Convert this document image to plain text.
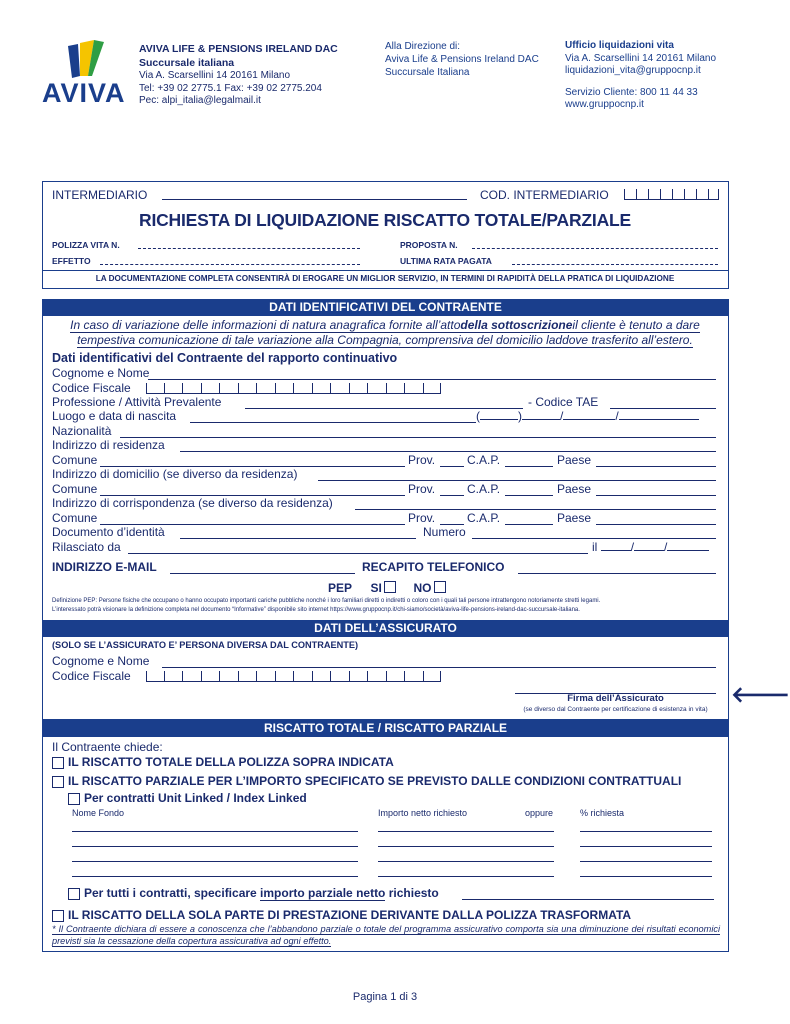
AVIVA
AVIVA LIFE & PENSIONS IRELAND DAC
Succursale italiana
Via A. Scarsellini 14 20161 Milano
Tel: +39 02 2775.1 Fax: +39 02 2775.204
Pec: alpi_italia@legalmail.it
Alla Direzione di:
Aviva Life & Pensions Ireland DAC
Succursale Italiana
Ufficio liquidazioni vita
Via A. Scarsellini 14 20161 Milano
liquidazioni_vita@gruppocnp.it
Servizio Cliente: 800 11 44 33
www.gruppocnp.it
INTERMEDIARIO	COD. INTERMEDIARIO
RICHIESTA DI LIQUIDAZIONE RISCATTO TOTALE/PARZIALE
POLIZZA VITA N.	PROPOSTA N.
EFFETTO	ULTIMA RATA PAGATA
LA DOCUMENTAZIONE COMPLETA CONSENTIRÀ DI EROGARE UN MIGLIOR SERVIZIO, IN TERMINI DI RAPIDITÀ DELLA PRATICA DI LIQUIDAZIONE
DATI IDENTIFICATIVI DEL CONTRAENTE
In caso di variazione delle informazioni di natura anagrafica fornite all’attodella sottoscrizioneil cliente è tenuto a dare
tempestiva comunicazione di tale variazione alla Compagnia, comprensiva del domicilio laddove trasferito all’estero.
Dati identificativi del Contraente del rapporto continuativo
Cognome e Nome
Codice Fiscale
Professione / Attività Prevalente	- Codice TAE
Luogo e data di nascita	(	)	/	/
Nazionalità
Indirizzo di residenza
Comune	Prov.	C.A.P.	Paese
Indirizzo di domicilio (se diverso da residenza)
Comune	Prov.	C.A.P.	Paese
Indirizzo di corrispondenza (se diverso da residenza)
Comune	Prov.	C.A.P.	Paese
Documento d’identità	Numero
Rilasciato da	il	/	/
INDIRIZZO E-MAIL	RECAPITO TELEFONICO
PEP SI	NO
Definizione PEP: Persone fisiche che occupano o hanno occupato importanti cariche pubbliche nonché i loro familiari diretti o indiretti o coloro con i quali tali persone intrattengono notoriamente stretti legami.
L’interessato potrà visionare la definizione completa nel documento “Informative” disponibile sito internet https://www.gruppocnp.it/chi-siamo/società/aviva-life-pensions-ireland-dac-succursale-italiana.
DATI DELL’ASSICURATO
(SOLO SE L’ASSICURATO E’ PERSONA DIVERSA DAL CONTRAENTE)
Cognome e Nome
Codice Fiscale
Firma dell’Assicurato
(se diverso dal Contraente per certificazione di esistenza in vita)
🡐
RISCATTO TOTALE / RISCATTO PARZIALE
Il Contraente chiede:
IL RISCATTO TOTALE DELLA POLIZZA SOPRA INDICATA
IL RISCATTO PARZIALE PER L’IMPORTO SPECIFICATO SE PREVISTO DALLE CONDIZIONI CONTRATTUALI
Per contratti Unit Linked / Index Linked
Nome Fondo	Importo netto richiesto	oppure	% richiesta
Per tutti i contratti, specificare importo parziale netto richiesto
IL RISCATTO DELLA SOLA PARTE DI PRESTAZIONE DERIVANTE DALLA POLIZZA TRASFORMATA
* Il Contraente dichiara di essere a conoscenza che l’abbandono parziale o totale del programma assicurativo comporta sia una diminuzione dei risultati economici previsti sia la cessazione della copertura assicurativa ad ogni effetto.
Pagina 1 di 3
